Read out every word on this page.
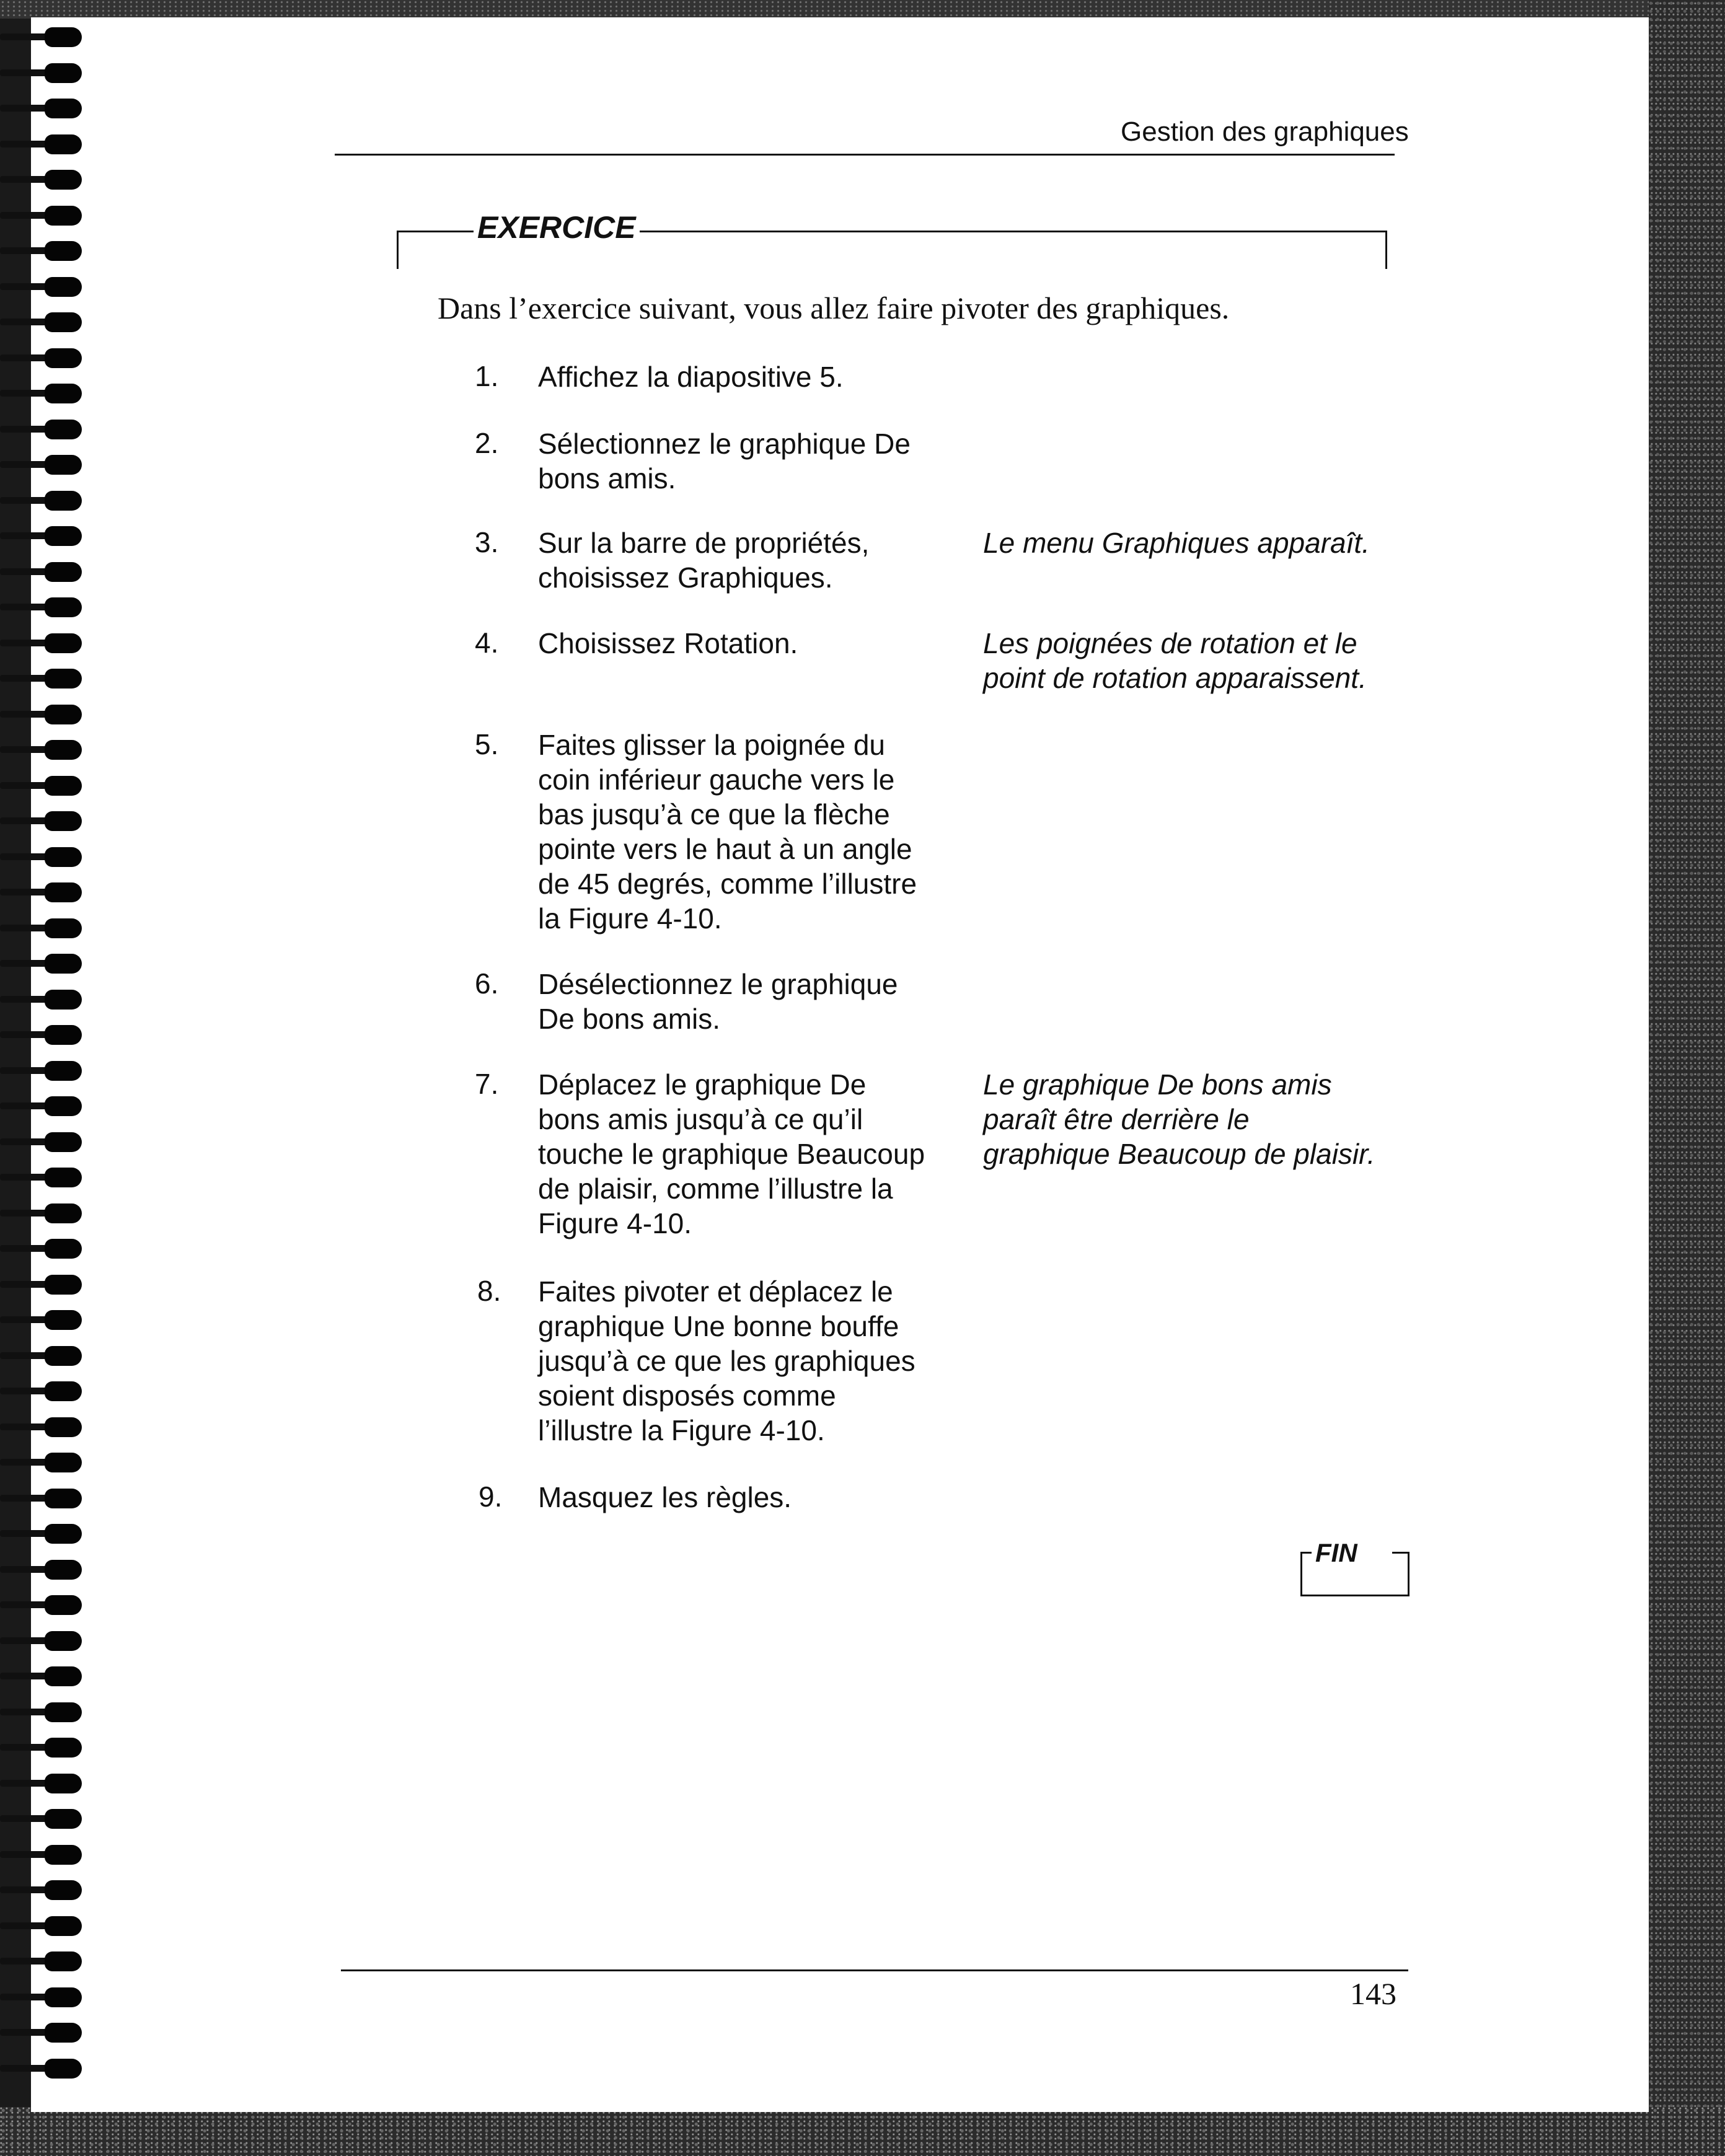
Gestion des graphiques
EXERCICE
Dans l’exercice suivant, vous allez faire pivoter des graphiques.
1. Affichez la diapositive 5.
2. Sélectionnez le graphique De
bons amis.
3. Sur la barre de propriétés,
choisissez Graphiques.
Le menu Graphiques apparaît.
4. Choisissez Rotation.	Les poignées de rotation et le
point de rotation apparaissent.
5. Faites glisser la poignée du
coin inférieur gauche vers le
bas jusqu’à ce que la flèche
pointe vers le haut à un angle
de 45 degrés, comme l’illustre
la Figure 4-10.
6. Désélectionnez le graphique
De bons amis.
7. Déplacez le graphique De
bons amis jusqu’à ce qu’il
touche le graphique Beaucoup
de plaisir, comme l’illustre la
Figure 4-10.
Le graphique De bons amis
paraît être derrière le
graphique Beaucoup de plaisir.
8. Faites pivoter et déplacez le
graphique Une bonne bouffe
jusqu’à ce que les graphiques
soient disposés comme
l’illustre la Figure 4-10.
9. Masquez les règles.
FIN
143
